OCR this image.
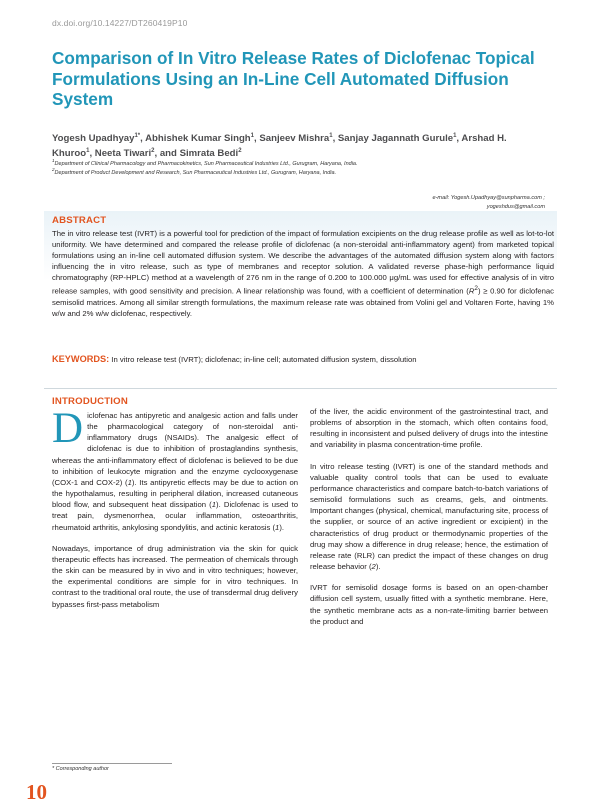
dx.doi.org/10.14227/DT260419P10
Comparison of In Vitro Release Rates of Diclofenac Topical Formulations Using an In-Line Cell Automated Diffusion System
Yogesh Upadhyay$^{1*}$, Abhishek Kumar Singh$^1$, Sanjeev Mishra$^1$, Sanjay Jagannath Gurule$^1$, Arshad H. Khuroo$^1$, Neeta Tiwari$^2$, and Simrata Bedi$^2$
$^1$Department of Clinical Pharmacology and Pharmacokinetics, Sun Pharmaceutical Industries Ltd., Gurugram, Haryana, India.
$^2$Department of Product Development and Research, Sun Pharmaceutical Industries Ltd., Gurugram, Haryana, India.
e-mail: Yogesh.Upadhyay@sunpharma.com ;
yogeshdus@gmail.com
ABSTRACT
The in vitro release test (IVRT) is a powerful tool for prediction of the impact of formulation excipients on the drug release profile as well as lot-to-lot uniformity. We have determined and compared the release profile of diclofenac (a non-steroidal anti-inflammatory agent) from marketed topical formulations using an in-line cell automated diffusion system. We describe the advantages of the automated diffusion system along with factors influencing the in vitro release, such as type of membranes and receptor solution. A validated reverse phase-high performance liquid chromatography (RP-HPLC) method at a wavelength of 276 nm in the range of 0.200 to 100.000 μg/mL was used for effective analysis of in vitro release samples, with good sensitivity and precision. A linear relationship was found, with a coefficient of determination $(R^2) \ge 0.90$ for diclofenac semisolid matrices. Among all similar strength formulations, the maximum release rate was obtained from Volini gel and Voltaren Forte, having 1% w/w and 2% w/w diclofenac, respectively.
KEYWORDS: In vitro release test (IVRT); diclofenac; in-line cell; automated diffusion system, dissolution
INTRODUCTION

Diclofenac has antipyretic and analgesic action and falls under the pharmacological category of non-steroidal anti-inflammatory drugs (NSAIDs). The analgesic effect of diclofenac is due to inhibition of prostaglandins synthesis, whereas the anti-inflammatory effect of diclofenac is believed to be due to inhibition of leukocyte migration and the enzyme cyclooxygenase (COX-1 and COX-2) (1). Its antipyretic effects may be due to action on the hypothalamus, resulting in peripheral dilation, increased cutaneous blood flow, and subsequent heat dissipation (1). Diclofenac is used to treat pain, dysmenorrhea, ocular inflammation, osteoarthritis, rheumatoid arthritis, ankylosing spondylitis, and actinic keratosis (1).

Nowadays, importance of drug administration via the skin for quick therapeutic effects has increased. The permeation of chemicals through the skin can be measured by in vivo and in vitro techniques; however, the experimental conditions are simple for in vitro techniques. In contrast to the traditional oral route, the use of transdermal drug delivery bypasses first-pass metabolism

of the liver, the acidic environment of the gastrointestinal tract, and problems of absorption in the stomach, which often contains food, resulting in inconsistent and pulsed delivery of drugs into the intestine and variability in plasma concentration-time profile.

In vitro release testing (IVRT) is one of the standard methods and valuable quality control tools that can be used to evaluate performance characteristics and compare batch-to-batch variations of semisolid formulations such as creams, gels, and ointments. Important changes (physical, chemical, manufacturing site, process of the supplier, or source of an active ingredient or excipient) in the characteristics of drug product or thermodynamic properties of the drug may show a difference in drug release; hence, the estimation of release rate (RLR) can predict the impact of these changes on drug release behavior (2).

IVRT for semisolid dosage forms is based on an open-chamber diffusion cell system, usually fitted with a synthetic membrane. Here, the synthetic membrane acts as a non-rate-limiting barrier between the product and

* Corresponding author
10
